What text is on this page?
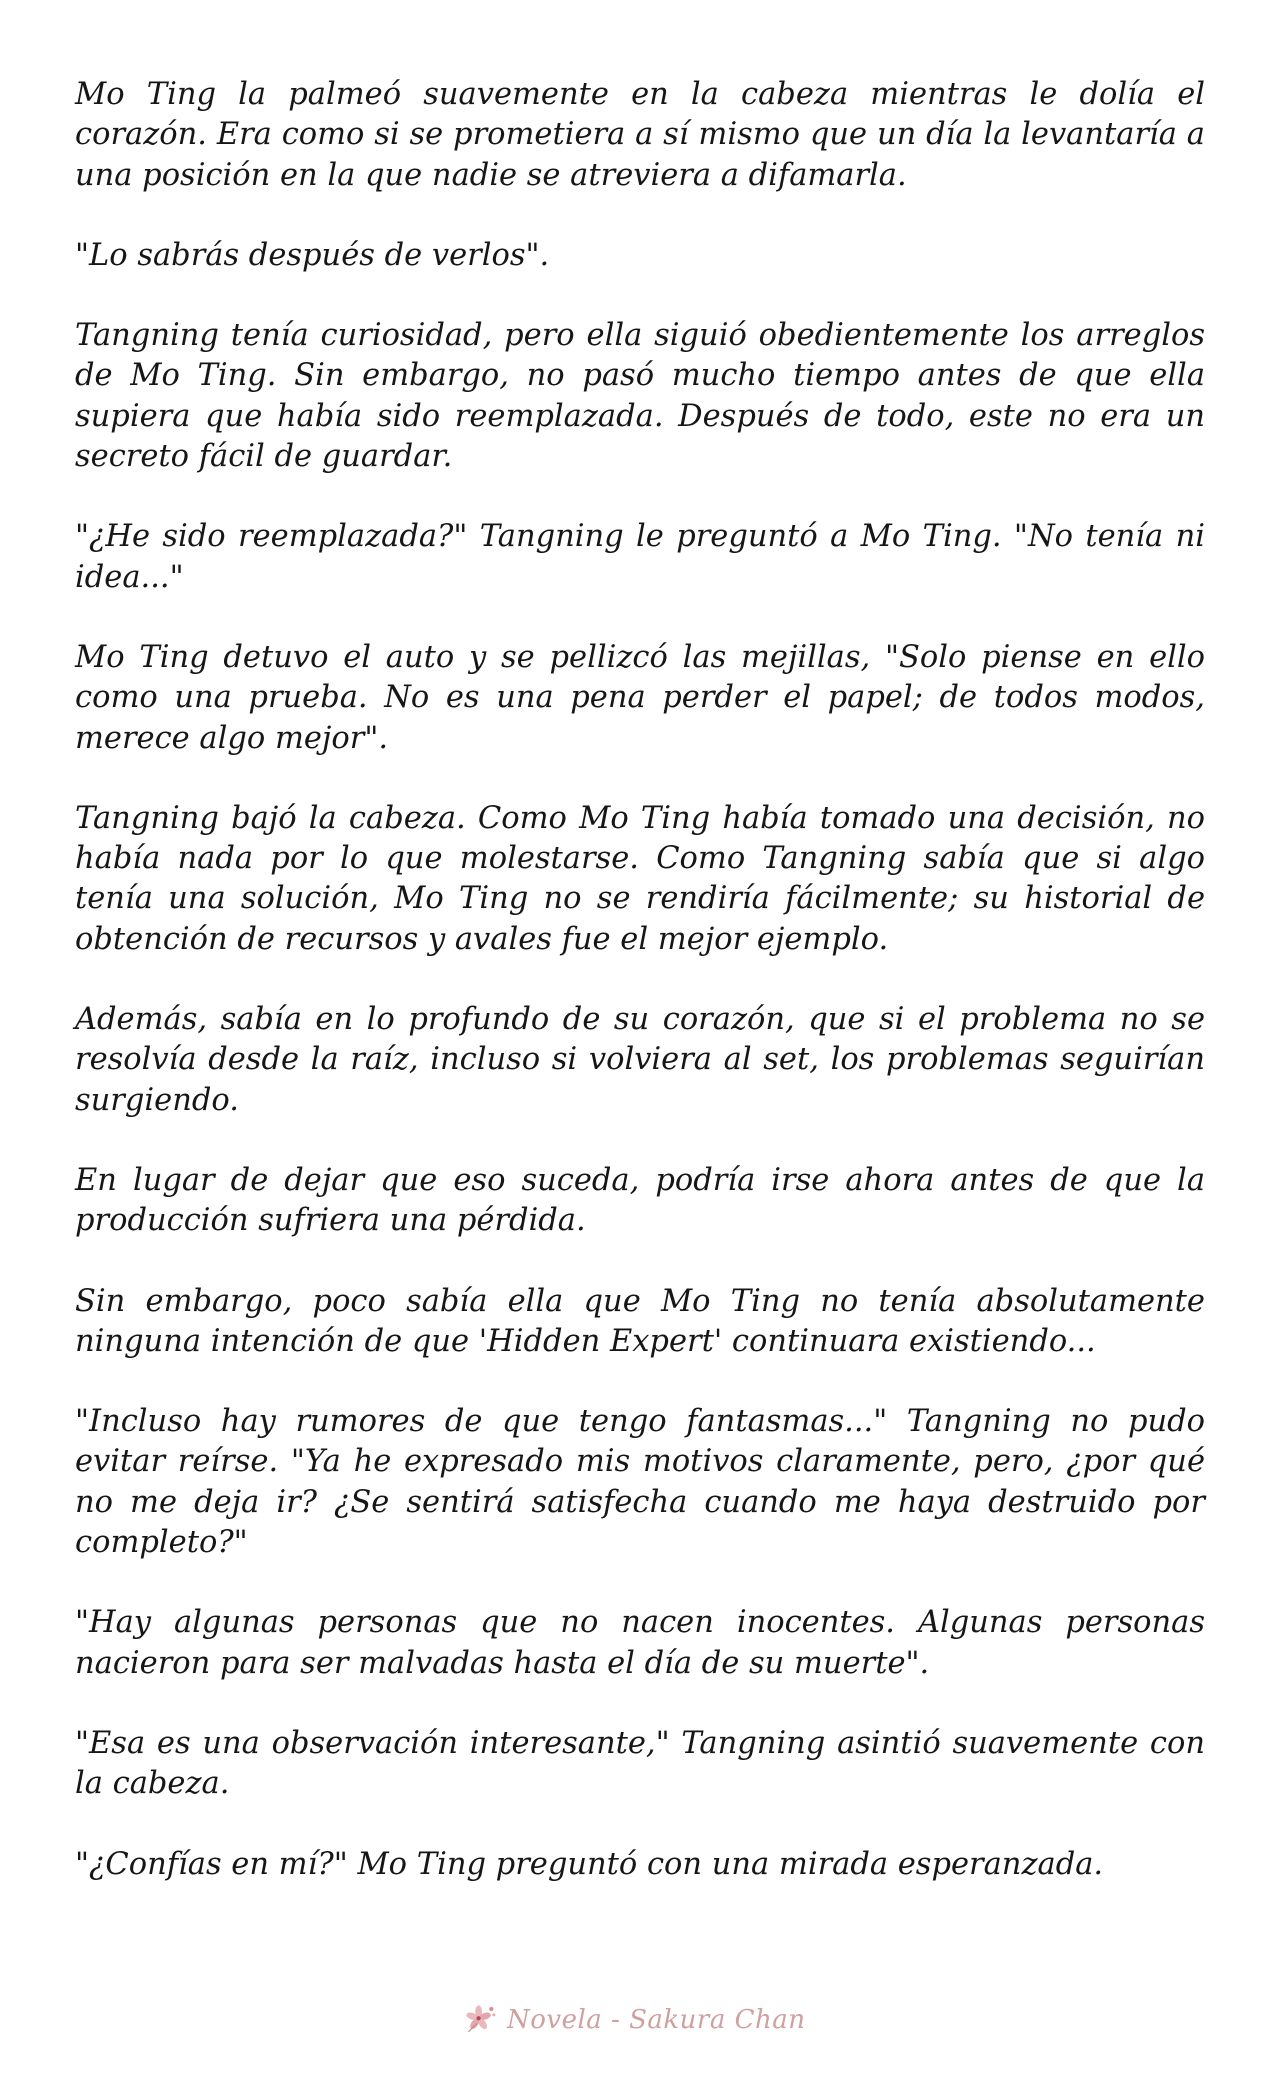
Mo Ting la palmeó suavemente en la cabeza mientras le dolía el corazón. Era como si se prometiera a sí mismo que un día la levantaría a una posición en la que nadie se atreviera a difamarla.

"Lo sabrás después de verlos".

Tangning tenía curiosidad, pero ella siguió obedientemente los arreglos de Mo Ting. Sin embargo, no pasó mucho tiempo antes de que ella supiera que había sido reemplazada. Después de todo, este no era un secreto fácil de guardar.

"¿He sido reemplazada?" Tangning le preguntó a Mo Ting. "No tenía ni idea..."

Mo Ting detuvo el auto y se pellizcó las mejillas, "Solo piense en ello como una prueba. No es una pena perder el papel; de todos modos, merece algo mejor".

Tangning bajó la cabeza. Como Mo Ting había tomado una decisión, no había nada por lo que molestarse. Como Tangning sabía que si algo tenía una solución, Mo Ting no se rendiría fácilmente; su historial de obtención de recursos y avales fue el mejor ejemplo.

Además, sabía en lo profundo de su corazón, que si el problema no se resolvía desde la raíz, incluso si volviera al set, los problemas seguirían surgiendo.

En lugar de dejar que eso suceda, podría irse ahora antes de que la producción sufriera una pérdida.

Sin embargo, poco sabía ella que Mo Ting no tenía absolutamente ninguna intención de que 'Hidden Expert' continuara existiendo...

"Incluso hay rumores de que tengo fantasmas..." Tangning no pudo evitar reírse. "Ya he expresado mis motivos claramente, pero, ¿por qué no me deja ir? ¿Se sentirá satisfecha cuando me haya destruido por completo?"

"Hay algunas personas que no nacen inocentes. Algunas personas nacieron para ser malvadas hasta el día de su muerte".

"Esa es una observación interesante," Tangning asintió suavemente con la cabeza.

"¿Confías en mí?" Mo Ting preguntó con una mirada esperanzada.

Novela - Sakura Chan
